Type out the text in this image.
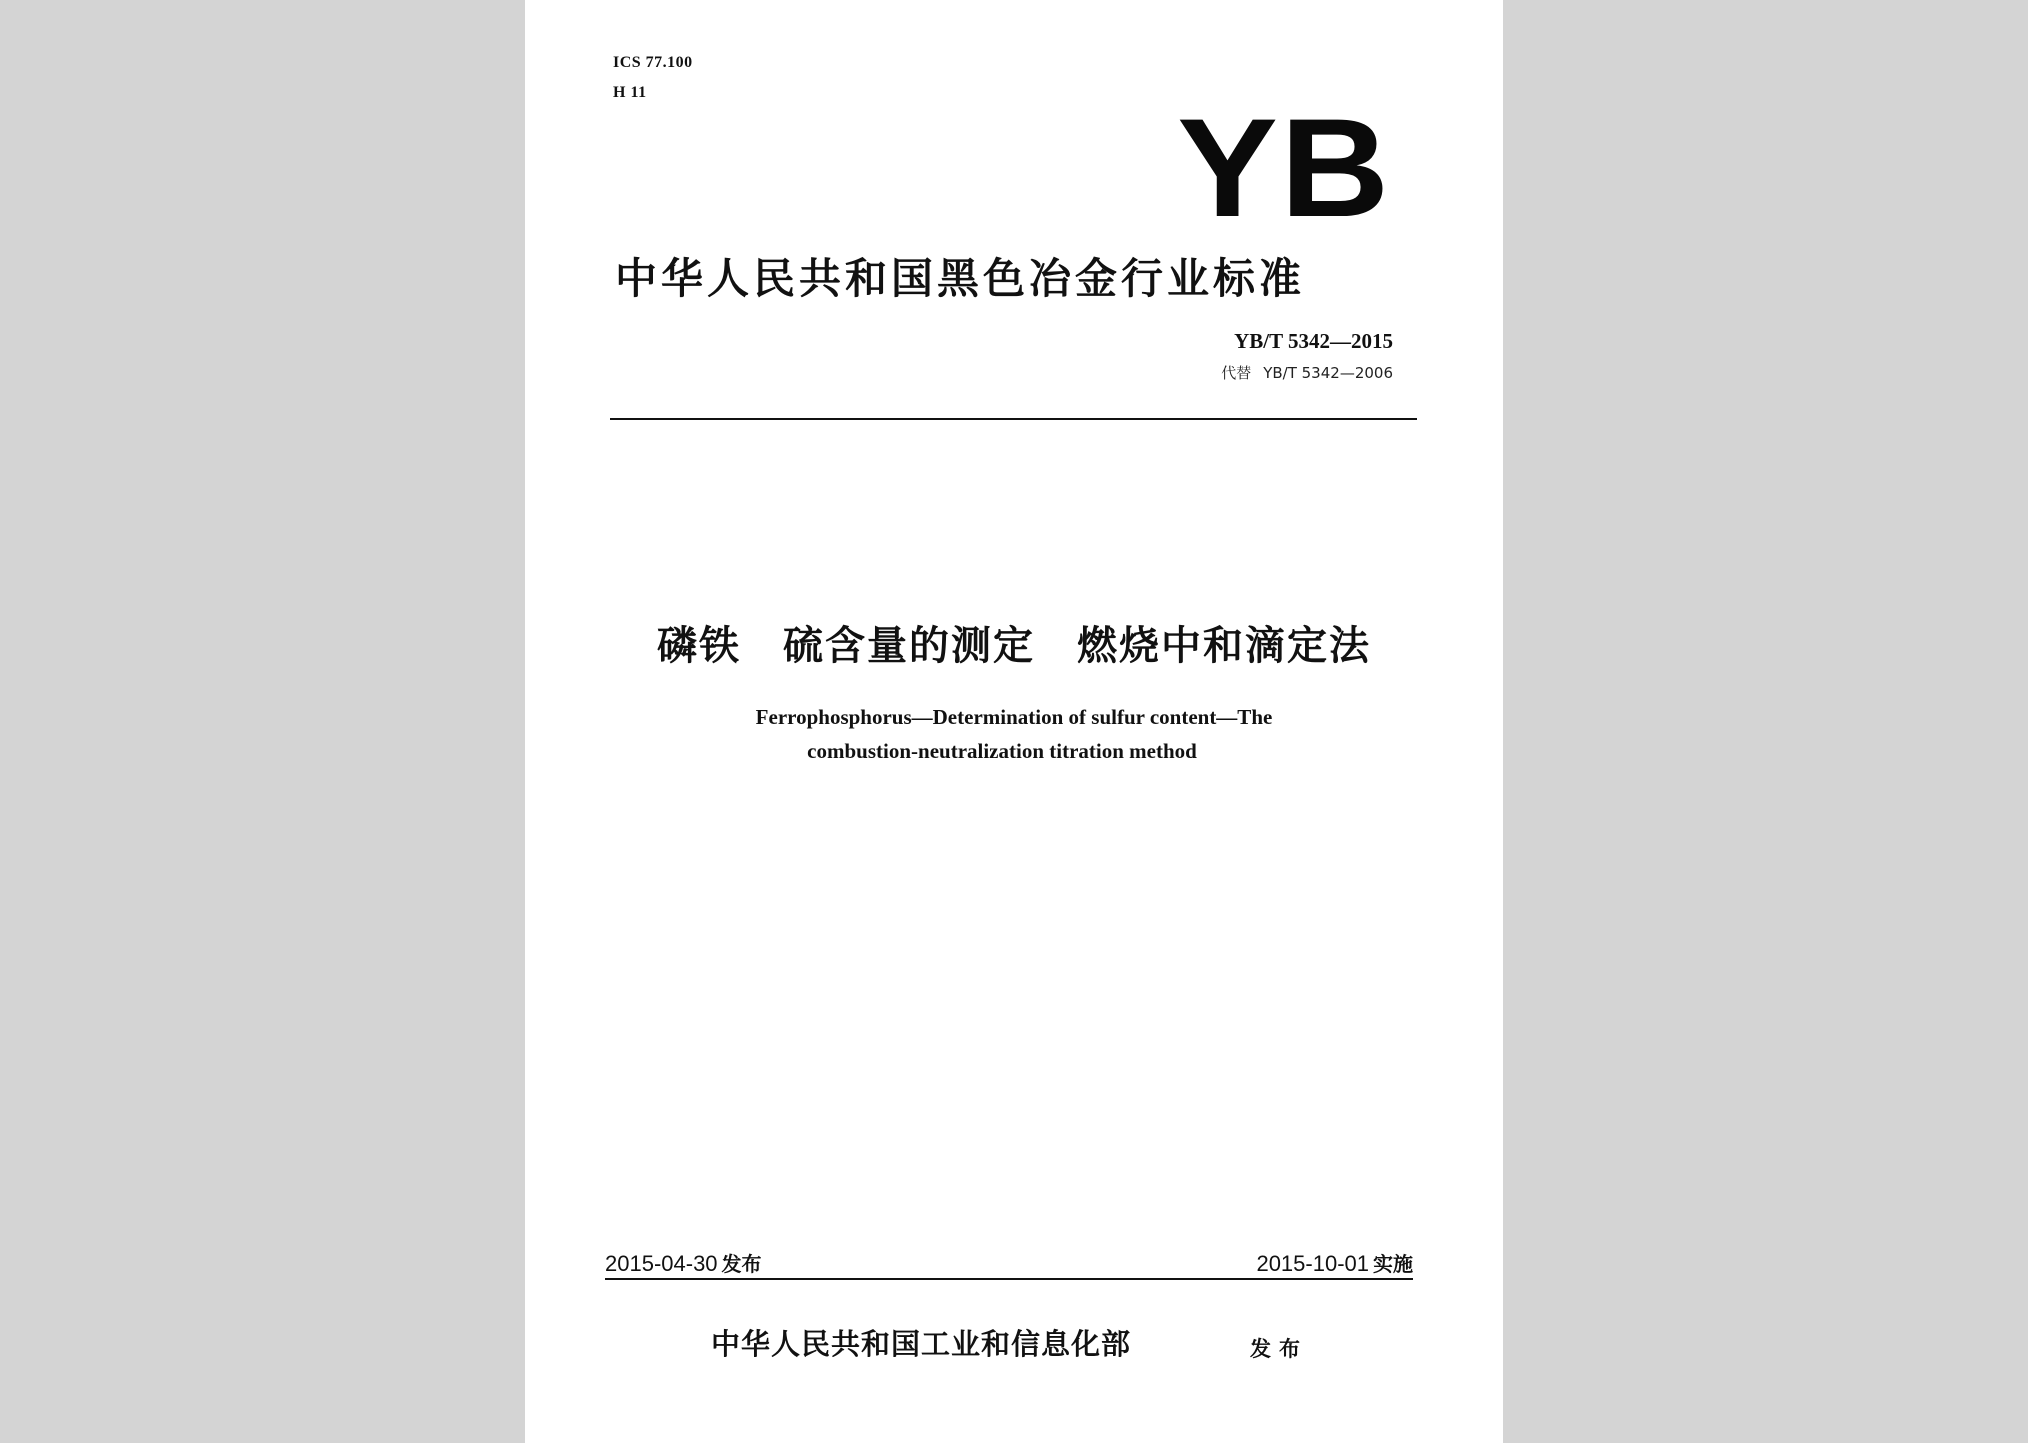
ICS 77.100
H 11	YB
中华人民共和国黑色冶金行业标准
YB/T 5342—2015
代替 YB/T 5342—2006
磷铁　硫含量的测定　燃烧中和滴定法
Ferrophosphorus—Determination of sulfur content—The
combustion-neutralization titration method
2015-04-30 发布	2015-10-01 实施
中华人民共和国工业和信息化部	发布
